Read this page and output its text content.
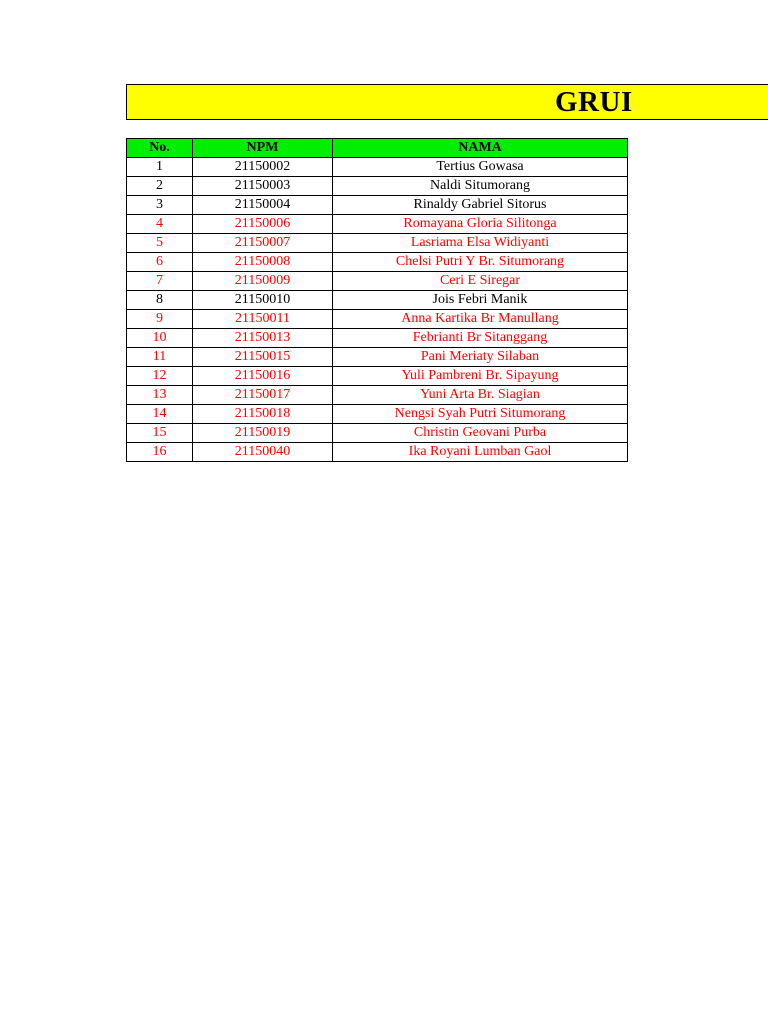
GRUI
No.	NPM	NAMA
1	21150002	Tertius Gowasa
2	21150003	Naldi Situmorang
3	21150004	Rinaldy Gabriel Sitorus
4	21150006	Romayana Gloria Silitonga
5	21150007	Lasriama Elsa Widiyanti
6	21150008	Chelsi Putri Y Br. Situmorang
7	21150009	Ceri E Siregar
8	21150010	Jois Febri Manik
9	21150011	Anna Kartika Br Manullang
10	21150013	Febrianti Br Sitanggang
11	21150015	Pani Meriaty Silaban
12	21150016	Yuli Pambreni Br. Sipayung
13	21150017	Yuni Arta Br. Siagian
14	21150018	Nengsi Syah Putri Situmorang
15	21150019	Christin Geovani Purba
16	21150040	Ika Royani Lumban Gaol
